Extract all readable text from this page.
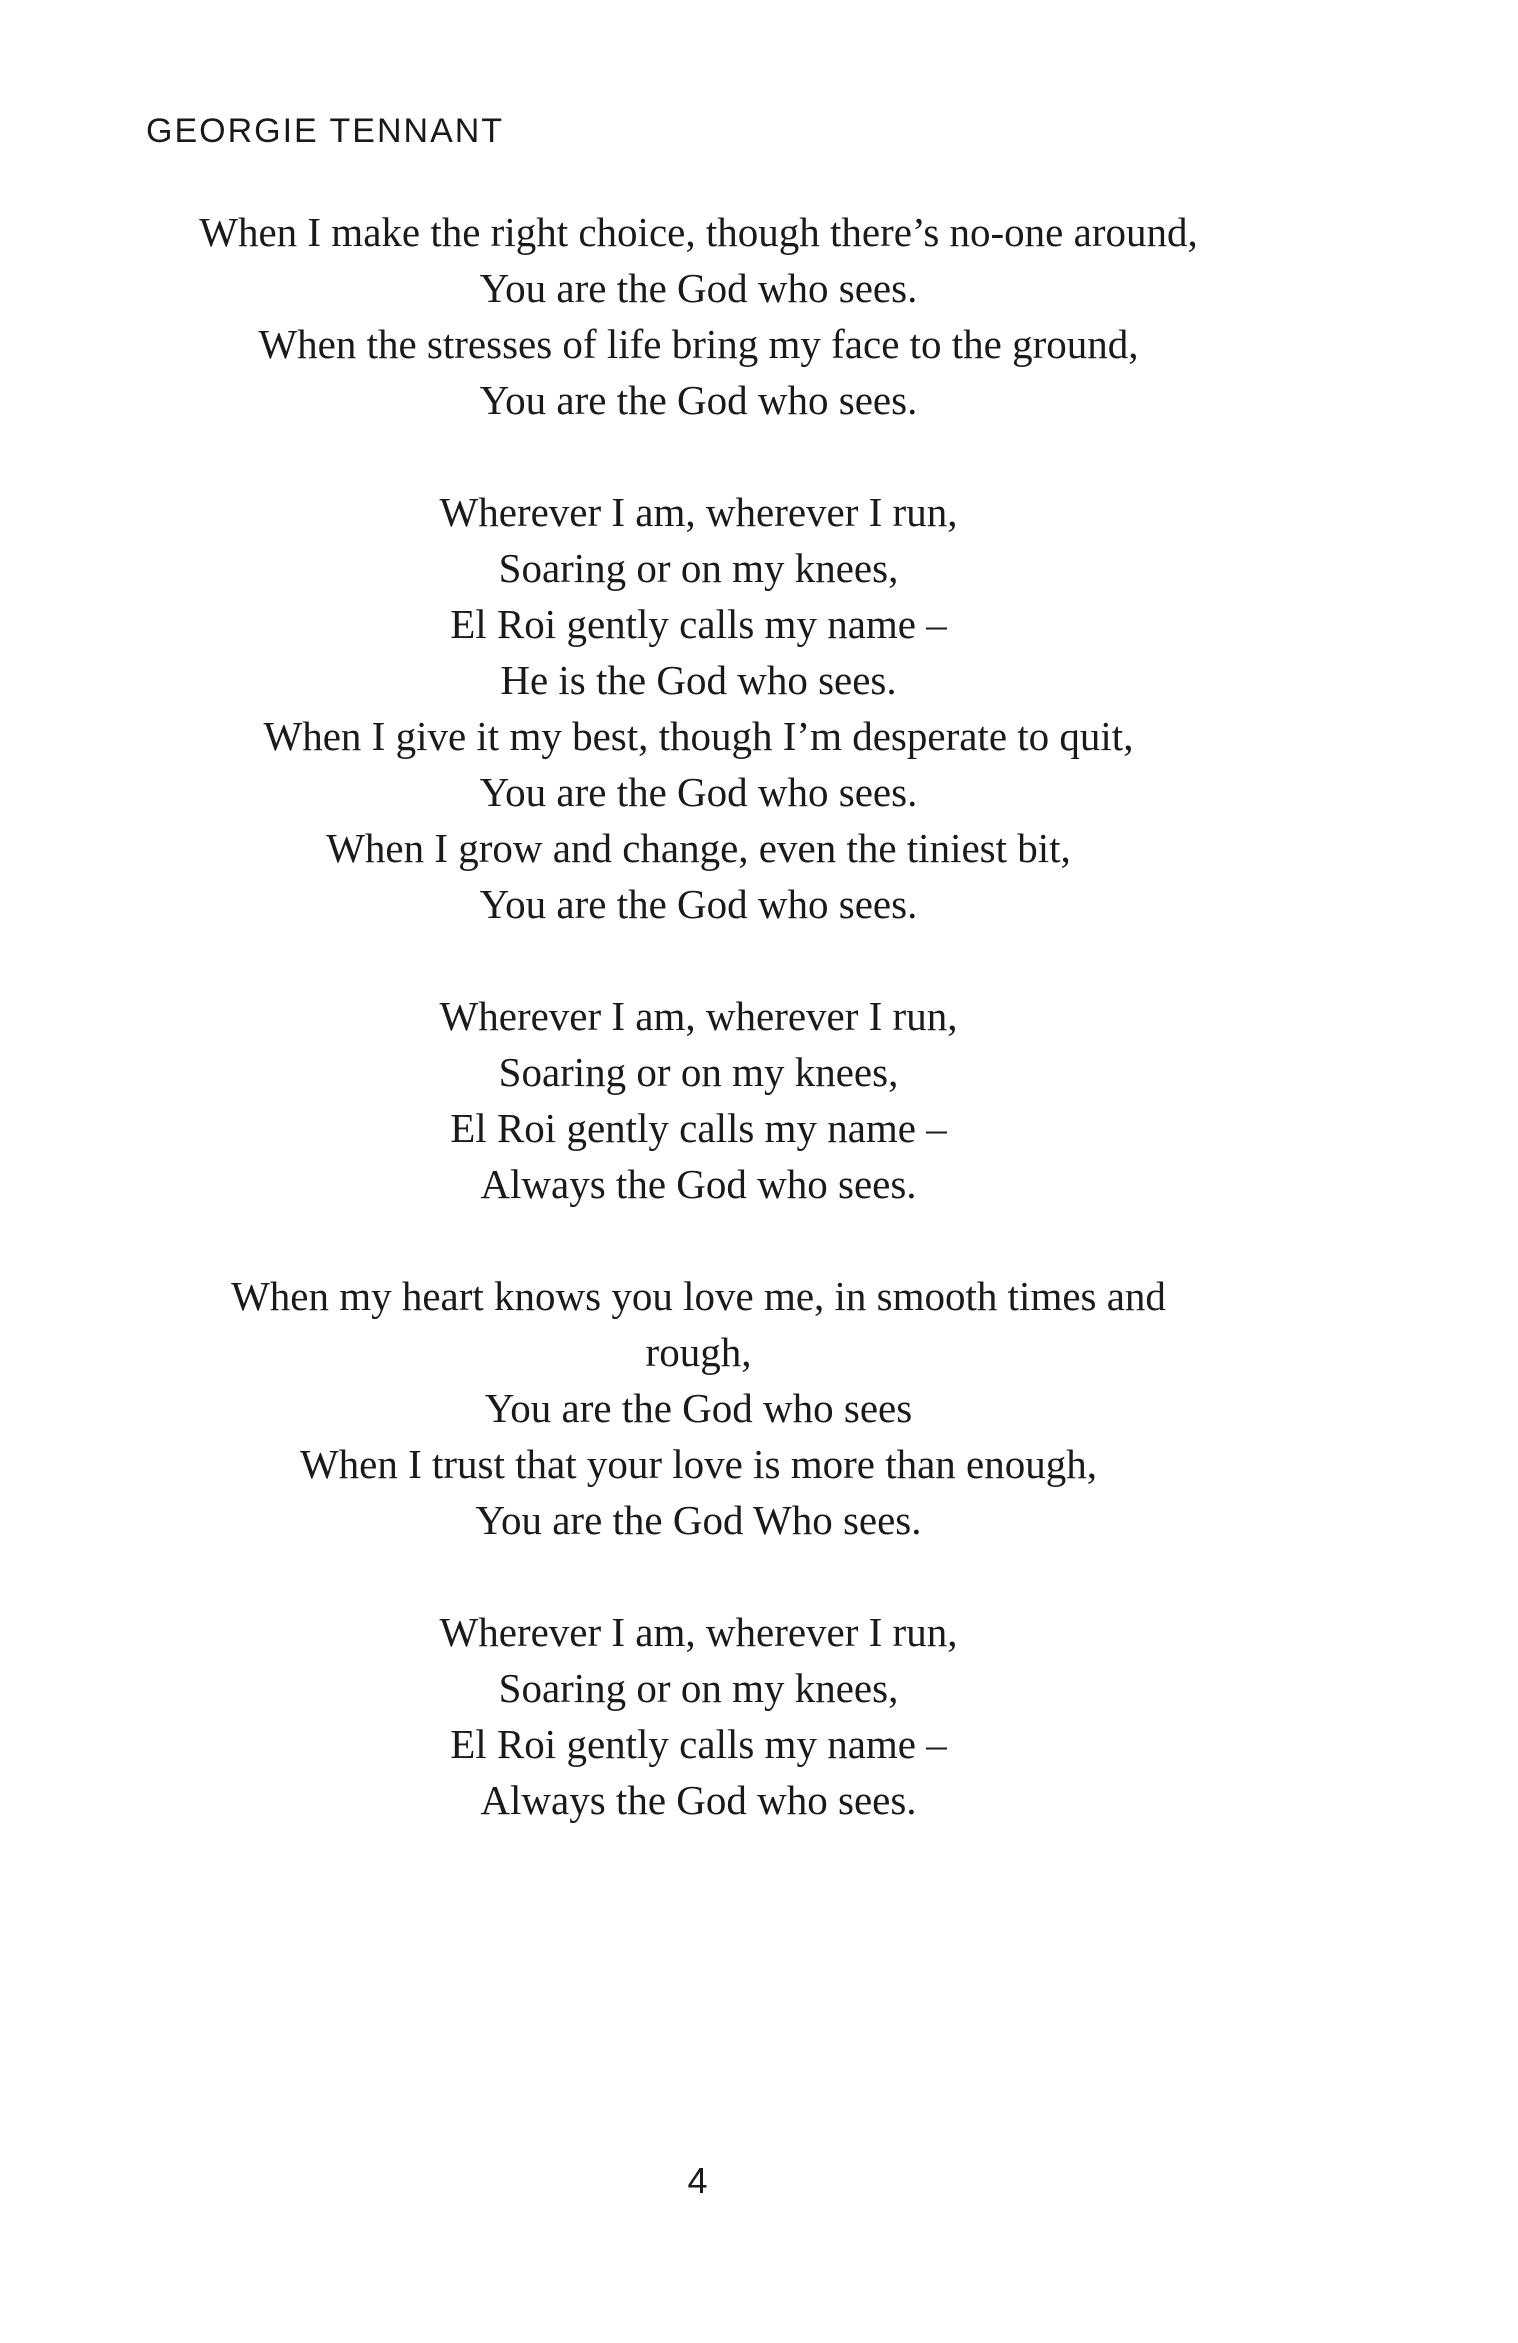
GEORGIE TENNANT
When I make the right choice, though there’s no-one around,
You are the God who sees.
When the stresses of life bring my face to the ground,
You are the God who sees.
Wherever I am, wherever I run,
Soaring or on my knees,
El Roi gently calls my name –
He is the God who sees.
When I give it my best, though I’m desperate to quit,
You are the God who sees.
When I grow and change, even the tiniest bit,
You are the God who sees.
Wherever I am, wherever I run,
Soaring or on my knees,
El Roi gently calls my name –
Always the God who sees.
When my heart knows you love me, in smooth times and
rough,
You are the God who sees
When I trust that your love is more than enough,
You are the God Who sees.
Wherever I am, wherever I run,
Soaring or on my knees,
El Roi gently calls my name –
Always the God who sees.
4
